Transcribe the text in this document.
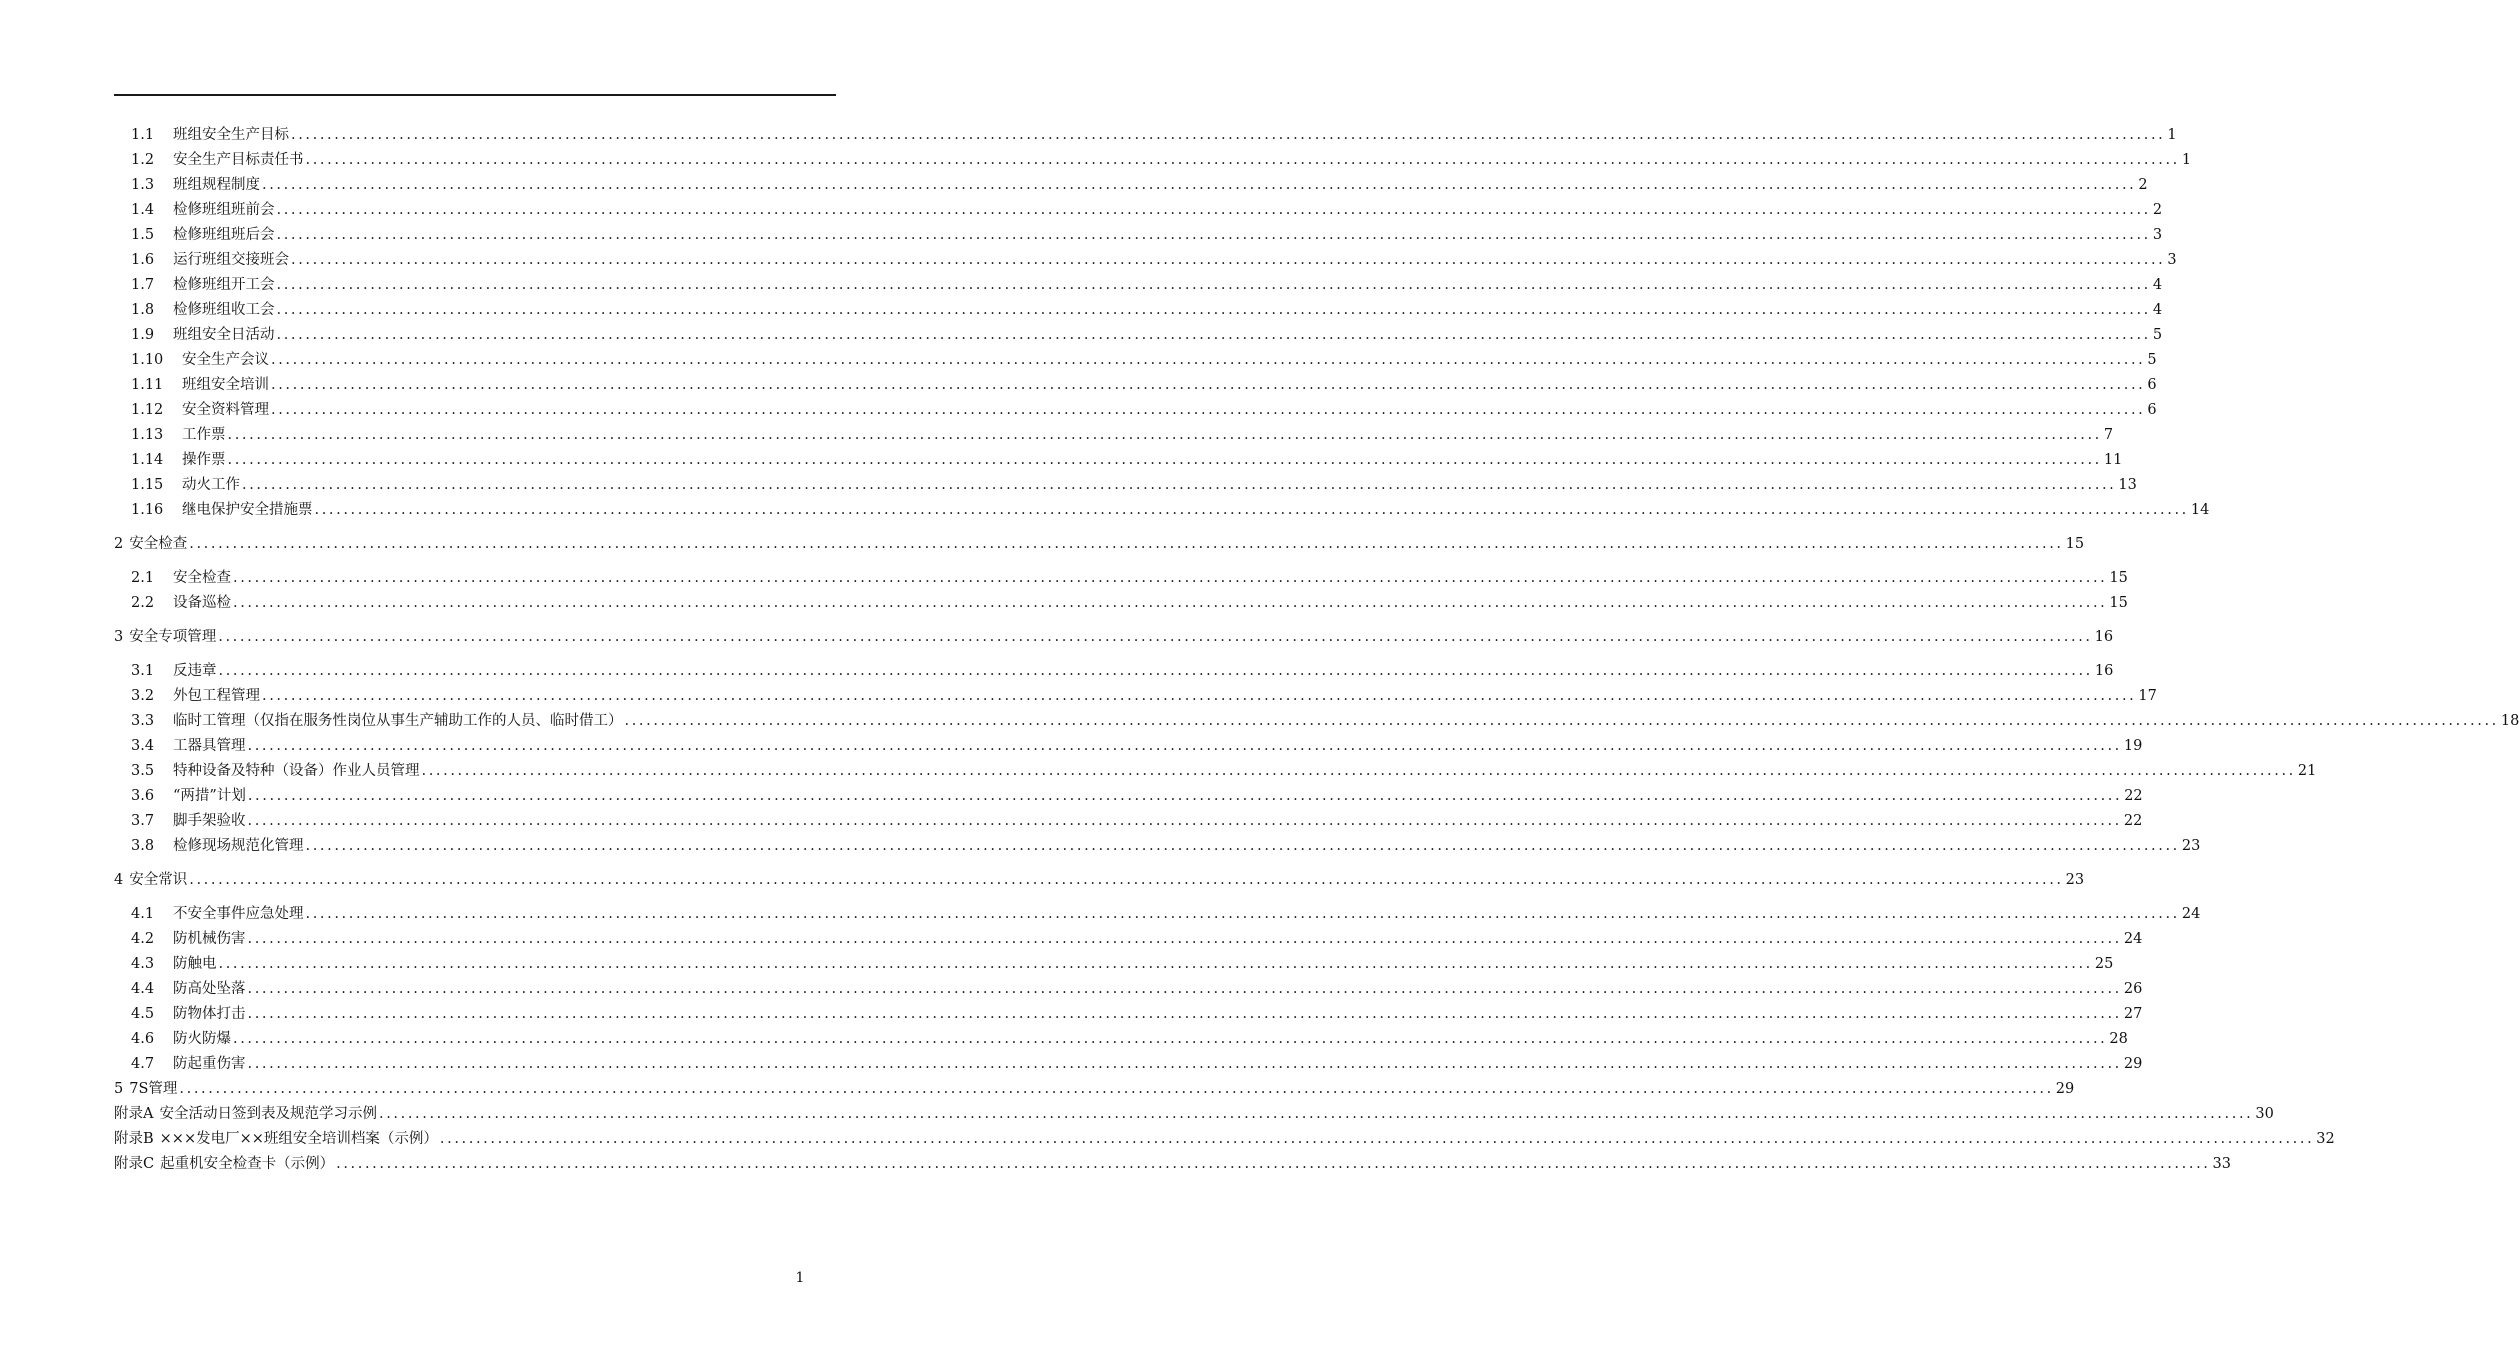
1.1	班组安全生产目标 .................................................................................................................................................................................................................................................................... 1
1.2	安全生产目标责任书 .................................................................................................................................................................................................................................................................... 1
1.3	班组规程制度 .................................................................................................................................................................................................................................................................... 2
1.4	检修班组班前会 .................................................................................................................................................................................................................................................................... 2
1.5	检修班组班后会 .................................................................................................................................................................................................................................................................... 3
1.6	运行班组交接班会 .................................................................................................................................................................................................................................................................... 3
1.7	检修班组开工会 .................................................................................................................................................................................................................................................................... 4
1.8	检修班组收工会 .................................................................................................................................................................................................................................................................... 4
1.9	班组安全日活动 .................................................................................................................................................................................................................................................................... 5
1.10	安全生产会议 .................................................................................................................................................................................................................................................................... 5
1.11	班组安全培训 .................................................................................................................................................................................................................................................................... 6
1.12	安全资料管理 .................................................................................................................................................................................................................................................................... 6
1.13	工作票 .................................................................................................................................................................................................................................................................... 7
1.14	操作票 .................................................................................................................................................................................................................................................................... 11
1.15	动火工作 .................................................................................................................................................................................................................................................................... 13
1.16	继电保护安全措施票 .................................................................................................................................................................................................................................................................... 14
2 安全检查 .................................................................................................................................................................................................................................................................... 15
2.1	安全检查 .................................................................................................................................................................................................................................................................... 15
2.2	设备巡检 .................................................................................................................................................................................................................................................................... 15
3 安全专项管理 .................................................................................................................................................................................................................................................................... 16
3.1	反违章 .................................................................................................................................................................................................................................................................... 16
3.2	外包工程管理 .................................................................................................................................................................................................................................................................... 17
3.3	临时工管理（仅指在服务性岗位从事生产辅助工作的人员、临时借工） .................................................................................................................................................................................................................................................................... 18
3.4	工器具管理 .................................................................................................................................................................................................................................................................... 19
3.5	特种设备及特种（设备）作业人员管理 .................................................................................................................................................................................................................................................................... 21
3.6	“两措”计划 .................................................................................................................................................................................................................................................................... 22
3.7	脚手架验收 .................................................................................................................................................................................................................................................................... 22
3.8	检修现场规范化管理 .................................................................................................................................................................................................................................................................... 23
4 安全常识 .................................................................................................................................................................................................................................................................... 23
4.1	不安全事件应急处理 .................................................................................................................................................................................................................................................................... 24
4.2	防机械伤害 .................................................................................................................................................................................................................................................................... 24
4.3	防触电 .................................................................................................................................................................................................................................................................... 25
4.4	防高处坠落 .................................................................................................................................................................................................................................................................... 26
4.5	防物体打击 .................................................................................................................................................................................................................................................................... 27
4.6	防火防爆 .................................................................................................................................................................................................................................................................... 28
4.7	防起重伤害 .................................................................................................................................................................................................................................................................... 29
5 7S管理 .................................................................................................................................................................................................................................................................... 29
附录A 安全活动日签到表及规范学习示例 .................................................................................................................................................................................................................................................................... 30
附录B ×××发电厂××班组安全培训档案（示例） .................................................................................................................................................................................................................................................................... 32
附录C 起重机安全检查卡（示例） .................................................................................................................................................................................................................................................................... 33
1
